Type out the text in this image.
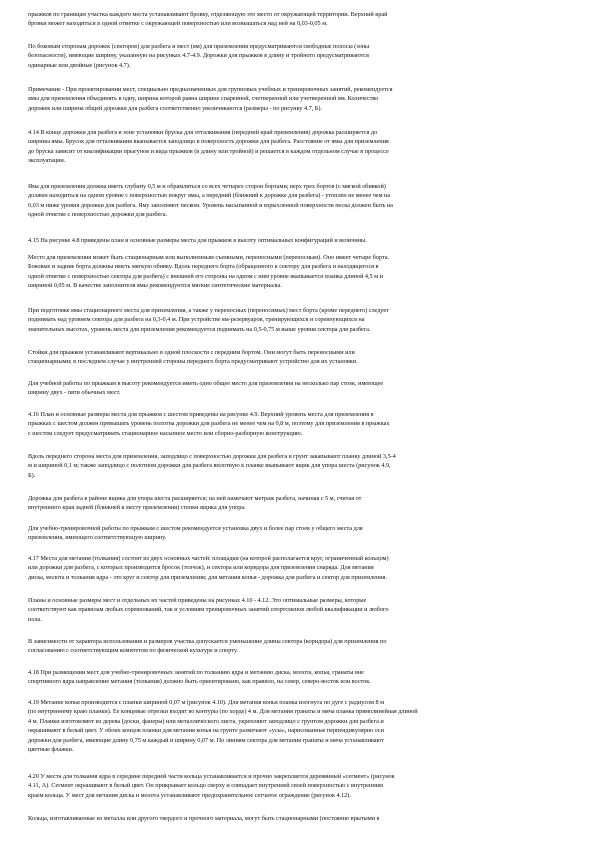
прыжков по границам участка каждого места устанавливают бровку, отделяющую это место от окружающей территории. Верхний край
бровки может находиться в одной отметке с окружающей поверхностью или возвышаться над ней на 0,03-0,05 м.

По боковым сторонам дорожек (секторов) для разбега и мест (ям) для приземления предусматриваются свободные полосы (зоны
безопасности), имеющие ширину, указанную на рисунках 4.7-4.9. Дорожки для прыжков в длину и тройного предусматриваются
одинарные или двойные (рисунок 4.7).

Примечание - При проектировании мест, специально предназначенных для групповых учебных и тренировочных занятий, рекомендуется
ямы для приземления объединять в одну, ширина которой равна ширине спаренной, счетверенной или учетверенной ям. Количество
дорожек или ширина общей дорожки для разбега соответственно увеличиваются (размеры - по рисунку 4.7, Б).

4.14 В конце дорожки для разбега в зоне установки бруска для отталкивания (передний край приземления) дорожка расширяется до
ширины ямы. Брусок для отталкивания вкапывается заподлицо в поверхность дорожки для разбега. Расстояние от ямы для приземления
до бруска зависит от квалификации прыгунов и вида прыжков (в длину или тройной) и решается в каждом отдельном случае в процессе
эксплуатации.

Яма для приземления должна иметь глубину 0,5 м и обрамляться со всех четырех сторон бортами; верх трех бортов (с мягкой обивкой)
должен находиться на одном уровне с поверхностью вокруг ямы, а передний (ближний к дорожке для разбега) - утоплен не менее чем на
0,03 м ниже уровня дорожки для разбега. Яму заполняют песком. Уровень насыпанной и взрыхленной поверхности песка должен быть на
одной отметке с поверхностью дорожки для разбега.

4.15 На рисунке 4.8 приведены план и основные размеры места для прыжков в высоту оптимальных конфигураций и величины.

Место для приземления может быть стационарным или выполненным съемными, переносными (переносным). Оно имеет четыре борта.
Боковые и задние борта должны иметь мягкую обивку. Вдоль переднего борта (обращенного к сектору для разбега и находящегося в
одной отметке с поверхностью сектора для разбега) с внешней его стороны на одном с ним уровне вкапывается планка длиной 4,5 м и
шириной 0,05 м. В качестве заполнителя ямы рекомендуются мягкие синтетические материалы.

При подготовке ямы стационарного места для приземления, а также у переносных (переносимых) мест борта (кроме переднего) следует
поднимать над уровнем сектора для разбега на 0,3-0,4 м. При устройстве ям-резервуаров, тренирующихся и соревнующихся на
значительных высотах, уровень места для приземления рекомендуется поднимать на 0,5-0,75 м выше уровня сектора для разбега.

Стойки для прыжков устанавливают вертикально в одной плоскости с передним бортом. Они могут быть переносными или
стационарными; в последнем случае у внутренней стороны переднего борта предусматривают устройство для их установки.

Для учебной работы по прыжкам в высоту рекомендуется иметь одно общее место для приземления на несколько пар стоек, имеющее
ширину двух - пяти обычных мест.

4.16 План и основные размеры места для прыжков с шестом приведены на рисунке 4.9. Верхний уровень места для приземления в
прыжках с шестом должен превышать уровень полотна дорожки для разбега не менее чем на 0,8 м, поэтому для приземления в прыжках
с шестом следует предусматривать стационарное насыпное место или сборно-разборную конструкцию.

Вдоль переднего сторона места для приземления, заподлицо с поверхностью дорожки для разбега в грунт закапывают планку длиной 3,5-4
м и шириной 0,1 м; также заподлицо с полотном дорожки для разбега вплотную к планке вкапывают ящик для упора шеста (рисунок 4.9,
Б).

Дорожка для разбега в районе ящика для упора шеста расширяется; на ней намечают метраж разбега, начиная с 5 м, считая от
внутреннего края задней (ближней к месту приземления) стенки ящика для упора.

Для учебно-тренировочной работы по прыжкам с шестом рекомендуется установка двух и более пар стоек у общего места для
приземления, имеющего соответствующую ширину.

4.17 Места для метания (толкания) состоят из двух основных частей: площадки (на которой располагается круг, ограниченный кольцом)
или дорожки для разбега, с которых производится бросок (толчок), и сектора или коридора для приземления снаряда. Для метания
диска, молота и толкания ядра - это круг и сектор для приземления; для метания копья - дорожка для разбега и сектор для приземления.

Планы и основные размеры мест и отдельных их частей приведены на рисунках 4.10 - 4.12. Это оптимальные размеры, которые
соответствуют как правилам любых соревнований, так и условиям тренировочных занятий спортсменов любой квалификации и любого
пола.

В зависимости от характера использования и размеров участка допускается уменьшение длины сектора (коридора) для приземления по
согласованию с соответствующим комитетом по физической культуре и спорту.

4.18 При размещении мест для учебно-тренировочных занятий по толканию ядра и метанию диска, молота, копья, гранаты вне
спортивного ядра направление метания (толкания) должно быть ориентировано, как правило, на север, северо-восток или восток.

4.19 Метание копья производится с планки шириной 0,07 м (рисунок 4.10). Для метания копья планка изогнута по дуге с радиусом 8 м
(по внутреннему краю планки). Ее концевые отрезки входят во контуры (по хорде) 4 м. Для метания гранаты и мяча планка прямолинейная длиной
4 м. Планки изготовляют из дерева (доски, фанеры) или металлического листа, укрепляют заподлицо с грунтом дорожки для разбега и
окрашивают в белый цвет. У обоих концов планки для метания копья на грунте размечают «усы», нарисованные перпендикулярно оси
дорожки для разбега, имеющие длину 0,75 м каждый и ширину 0,07 м. По линиям сектора для метания гранаты и мяча устанавливают
цветные флажки.

4.20 У места для толкания ядра в середине передней части кольца устанавливается и прочно закрепляется деревянный «сегмент» (рисунок
4.11, А). Сегмент окрашивают в белый цвет. Он прикрывает кольцо сверху и совпадает внутренней своей поверхностью с внутренним
краем кольца. У мест для метания диска и молота устанавливают предохранительное сетчатое ограждение (рисунок 4.12).

Кольца, изготавливаемые из металла или другого твердого и прочного материала, могут быть стационарными (постоянно врытыми в
